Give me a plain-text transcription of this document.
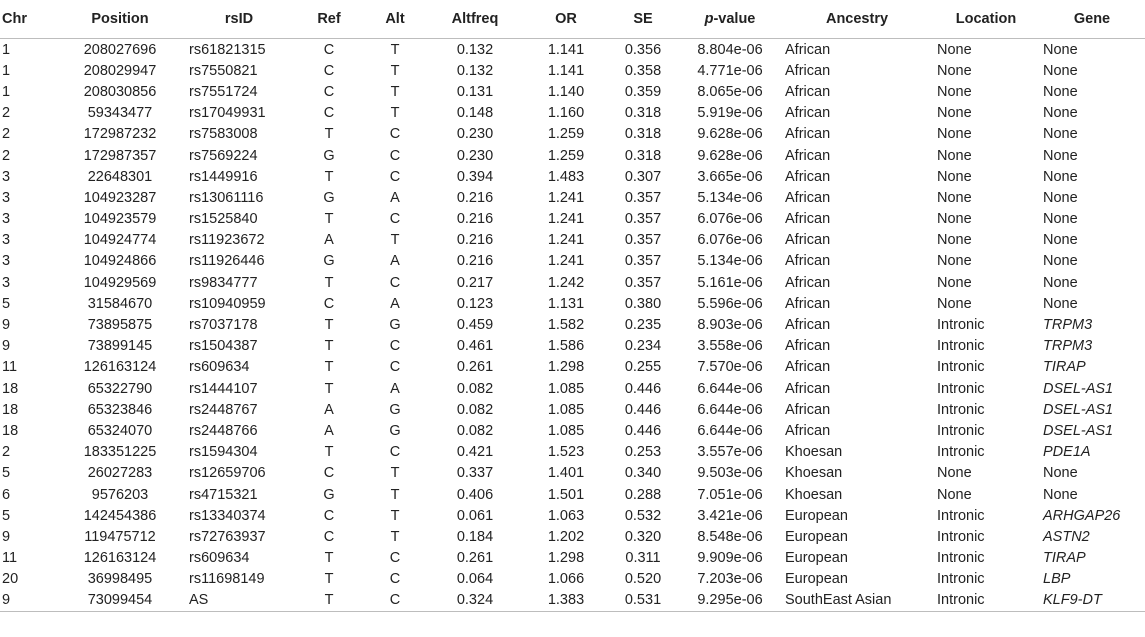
Chr	Position	rsID	Ref	Alt	Altfreq	OR	SE	p-value	Ancestry	Location	Gene
1	208027696	rs61821315	C	T	0.132	1.141	0.356	8.804e-06	African	None	None
1	208029947	rs7550821	C	T	0.132	1.141	0.358	4.771e-06	African	None	None
1	208030856	rs7551724	C	T	0.131	1.140	0.359	8.065e-06	African	None	None
2	59343477	rs17049931	C	T	0.148	1.160	0.318	5.919e-06	African	None	None
2	172987232	rs7583008	T	C	0.230	1.259	0.318	9.628e-06	African	None	None
2	172987357	rs7569224	G	C	0.230	1.259	0.318	9.628e-06	African	None	None
3	22648301	rs1449916	T	C	0.394	1.483	0.307	3.665e-06	African	None	None
3	104923287	rs13061116	G	A	0.216	1.241	0.357	5.134e-06	African	None	None
3	104923579	rs1525840	T	C	0.216	1.241	0.357	6.076e-06	African	None	None
3	104924774	rs11923672	A	T	0.216	1.241	0.357	6.076e-06	African	None	None
3	104924866	rs11926446	G	A	0.216	1.241	0.357	5.134e-06	African	None	None
3	104929569	rs9834777	T	C	0.217	1.242	0.357	5.161e-06	African	None	None
5	31584670	rs10940959	C	A	0.123	1.131	0.380	5.596e-06	African	None	None
9	73895875	rs7037178	T	G	0.459	1.582	0.235	8.903e-06	African	Intronic	TRPM3
9	73899145	rs1504387	T	C	0.461	1.586	0.234	3.558e-06	African	Intronic	TRPM3
11	126163124	rs609634	T	C	0.261	1.298	0.255	7.570e-06	African	Intronic	TIRAP
18	65322790	rs1444107	T	A	0.082	1.085	0.446	6.644e-06	African	Intronic	DSEL-AS1
18	65323846	rs2448767	A	G	0.082	1.085	0.446	6.644e-06	African	Intronic	DSEL-AS1
18	65324070	rs2448766	A	G	0.082	1.085	0.446	6.644e-06	African	Intronic	DSEL-AS1
2	183351225	rs1594304	T	C	0.421	1.523	0.253	3.557e-06	Khoesan	Intronic	PDE1A
5	26027283	rs12659706	C	T	0.337	1.401	0.340	9.503e-06	Khoesan	None	None
6	9576203	rs4715321	G	T	0.406	1.501	0.288	7.051e-06	Khoesan	None	None
5	142454386	rs13340374	C	T	0.061	1.063	0.532	3.421e-06	European	Intronic	ARHGAP26
9	119475712	rs72763937	C	T	0.184	1.202	0.320	8.548e-06	European	Intronic	ASTN2
11	126163124	rs609634	T	C	0.261	1.298	0.311	9.909e-06	European	Intronic	TIRAP
20	36998495	rs11698149	T	C	0.064	1.066	0.520	7.203e-06	European	Intronic	LBP
9	73099454	AS	T	C	0.324	1.383	0.531	9.295e-06	SouthEast Asian	Intronic	KLF9-DT
